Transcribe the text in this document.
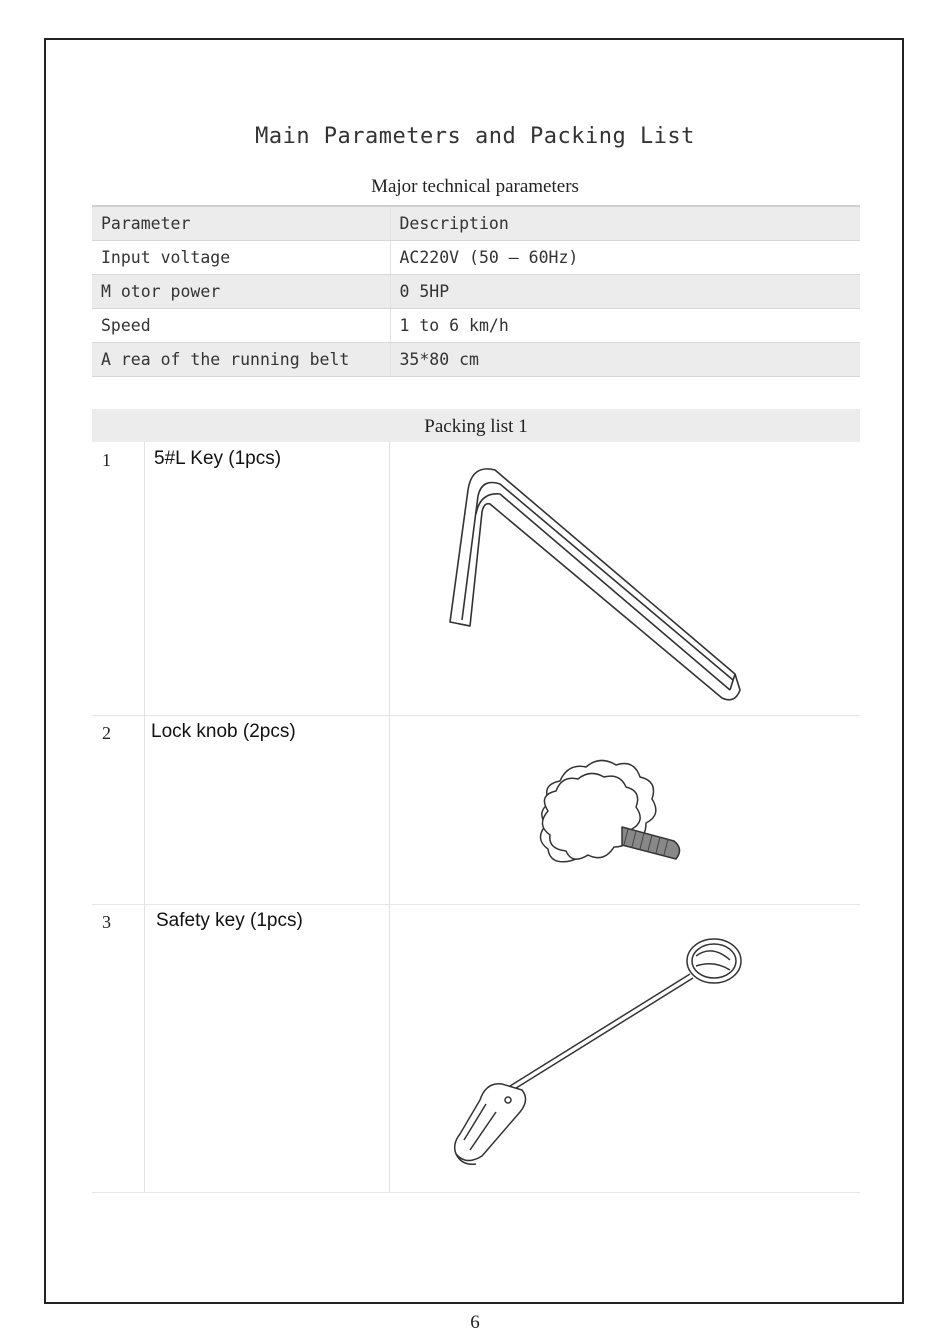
Main Parameters and Packing List
Major technical parameters
Parameter	Description
Input voltage	AC220V (50 – 60Hz)
M otor power	0 5HP
Speed	1 to 6 km/h
A rea of the running belt	35*80 cm
Packing list 1
1 5#L Key (1pcs)
2 Lock knob (2pcs)
3 Safety key (1pcs)
6
